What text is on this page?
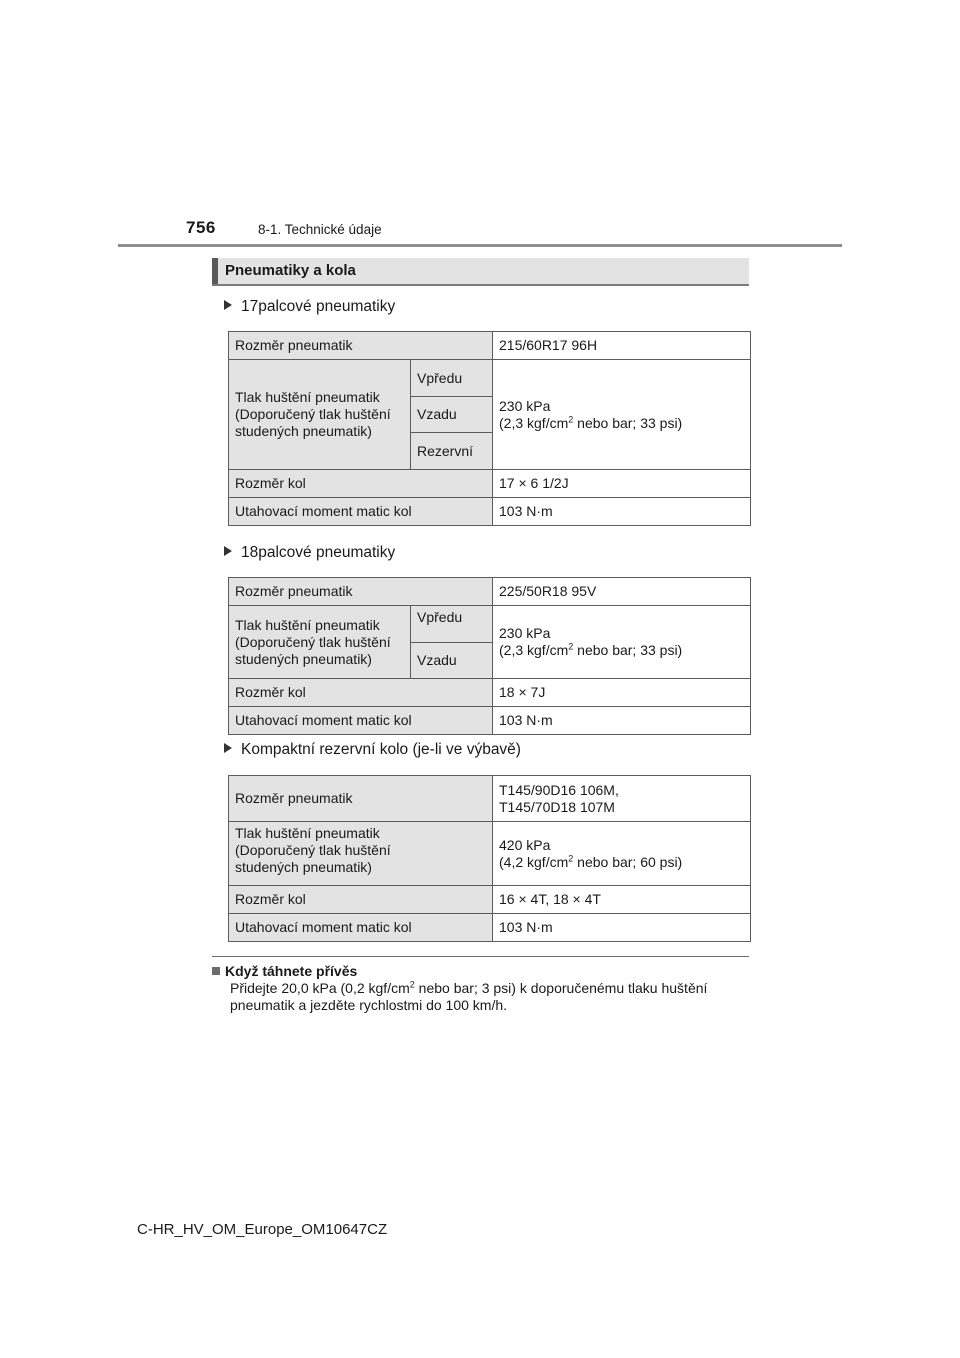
756	8-1. Technické údaje
Pneumatiky a kola
17palcové pneumatiky
Rozměr pneumatik		215/60R17 96H
Tlak huštění pneumatik (Doporučený tlak huštění studených pneumatik)	Vpředu	230 kPa
(2,3 kgf/$cm^2$ nebo bar; 33 psi)

	Vzadu	
	Rezervní	
Rozměr kol		17 × 6 1/2J
Utahovací moment matic kol		103 N·m
18palcové pneumatiky
Rozměr pneumatik		225/50R18 95V
Tlak huštění pneumatik (Doporučený tlak huštění studených pneumatik)	Vpředu	230 kPa
(2,3 kgf/$cm^2$ nebo bar; 33 psi)

	Vzadu	
Rozměr kol		18 × 7J
Utahovací moment matic kol		103 N·m
Kompaktní rezervní kolo (je-li ve výbavě)
Rozměr pneumatik	T145/90D16 106M,
T145/70D18 107M

Tlak huštění pneumatik (Doporučený tlak huštění studených pneumatik)	420 kPa
(4,2 kgf/$cm^2$ nebo bar; 60 psi)

Rozměr kol	16 × 4T, 18 × 4T
Utahovací moment matic kol	103 N·m
Když táhnete přívěs
Přidejte 20,0 kPa (0,2 kgf/$cm^2$ nebo bar; 3 psi) k doporučenému tlaku huštění pneumatik a jezděte rychlostmi do 100 km/h.
C-HR_HV_OM_Europe_OM10647CZ
